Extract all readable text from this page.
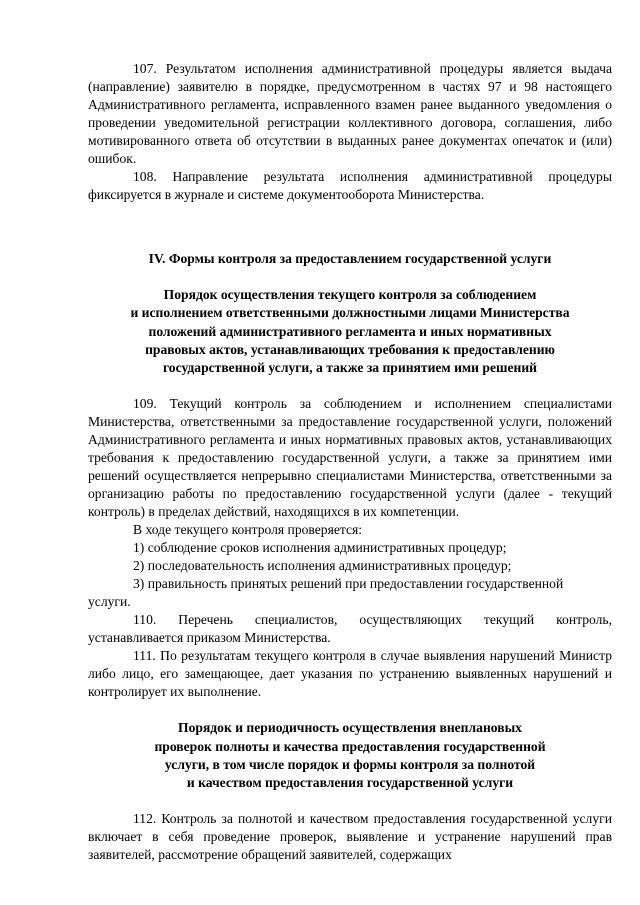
107. Результатом исполнения административной процедуры является выдача (направление) заявителю в порядке, предусмотренном в частях 97 и 98 настоящего Административного регламента, исправленного взамен ранее выданного уведомления о проведении уведомительной регистрации коллективного договора, соглашения, либо мотивированного ответа об отсутствии в выданных ранее документах опечаток и (или) ошибок.

108. Направление результата исполнения административной процедуры фиксируется в журнале и системе документооборота Министерства.

IV. Формы контроля за предоставлением государственной услуги
Порядок осуществления текущего контроля за соблюдением
и исполнением ответственными должностными лицами Министерства
положений административного регламента и иных нормативных
правовых актов, устанавливающих требования к предоставлению
государственной услуги, а также за принятием ими решений

109. Текущий контроль за соблюдением и исполнением специалистами Министерства, ответственными за предоставление государственной услуги, положений Административного регламента и иных нормативных правовых актов, устанавливающих требования к предоставлению государственной услуги, а также за принятием ими решений осуществляется непрерывно специалистами Министерства, ответственными за организацию работы по предоставлению государственной услуги (далее - текущий контроль) в пределах действий, находящихся в их компетенции.

В ходе текущего контроля проверяется:

1) соблюдение сроков исполнения административных процедур;

2) последовательность исполнения административных процедур;

3) правильность принятых решений при предоставлении государственной

услуги.

110. Перечень специалистов, осуществляющих текущий контроль, устанавливается приказом Министерства.

111. По результатам текущего контроля в случае выявления нарушений Министр либо лицо, его замещающее, дает указания по устранению выявленных нарушений и контролирует их выполнение.

Порядок и периодичность осуществления внеплановых
проверок полноты и качества предоставления государственной
услуги, в том числе порядок и формы контроля за полнотой
и качеством предоставления государственной услуги

112. Контроль за полнотой и качеством предоставления государственной услуги включает в себя проведение проверок, выявление и устранение нарушений прав заявителей, рассмотрение обращений заявителей, содержащих
